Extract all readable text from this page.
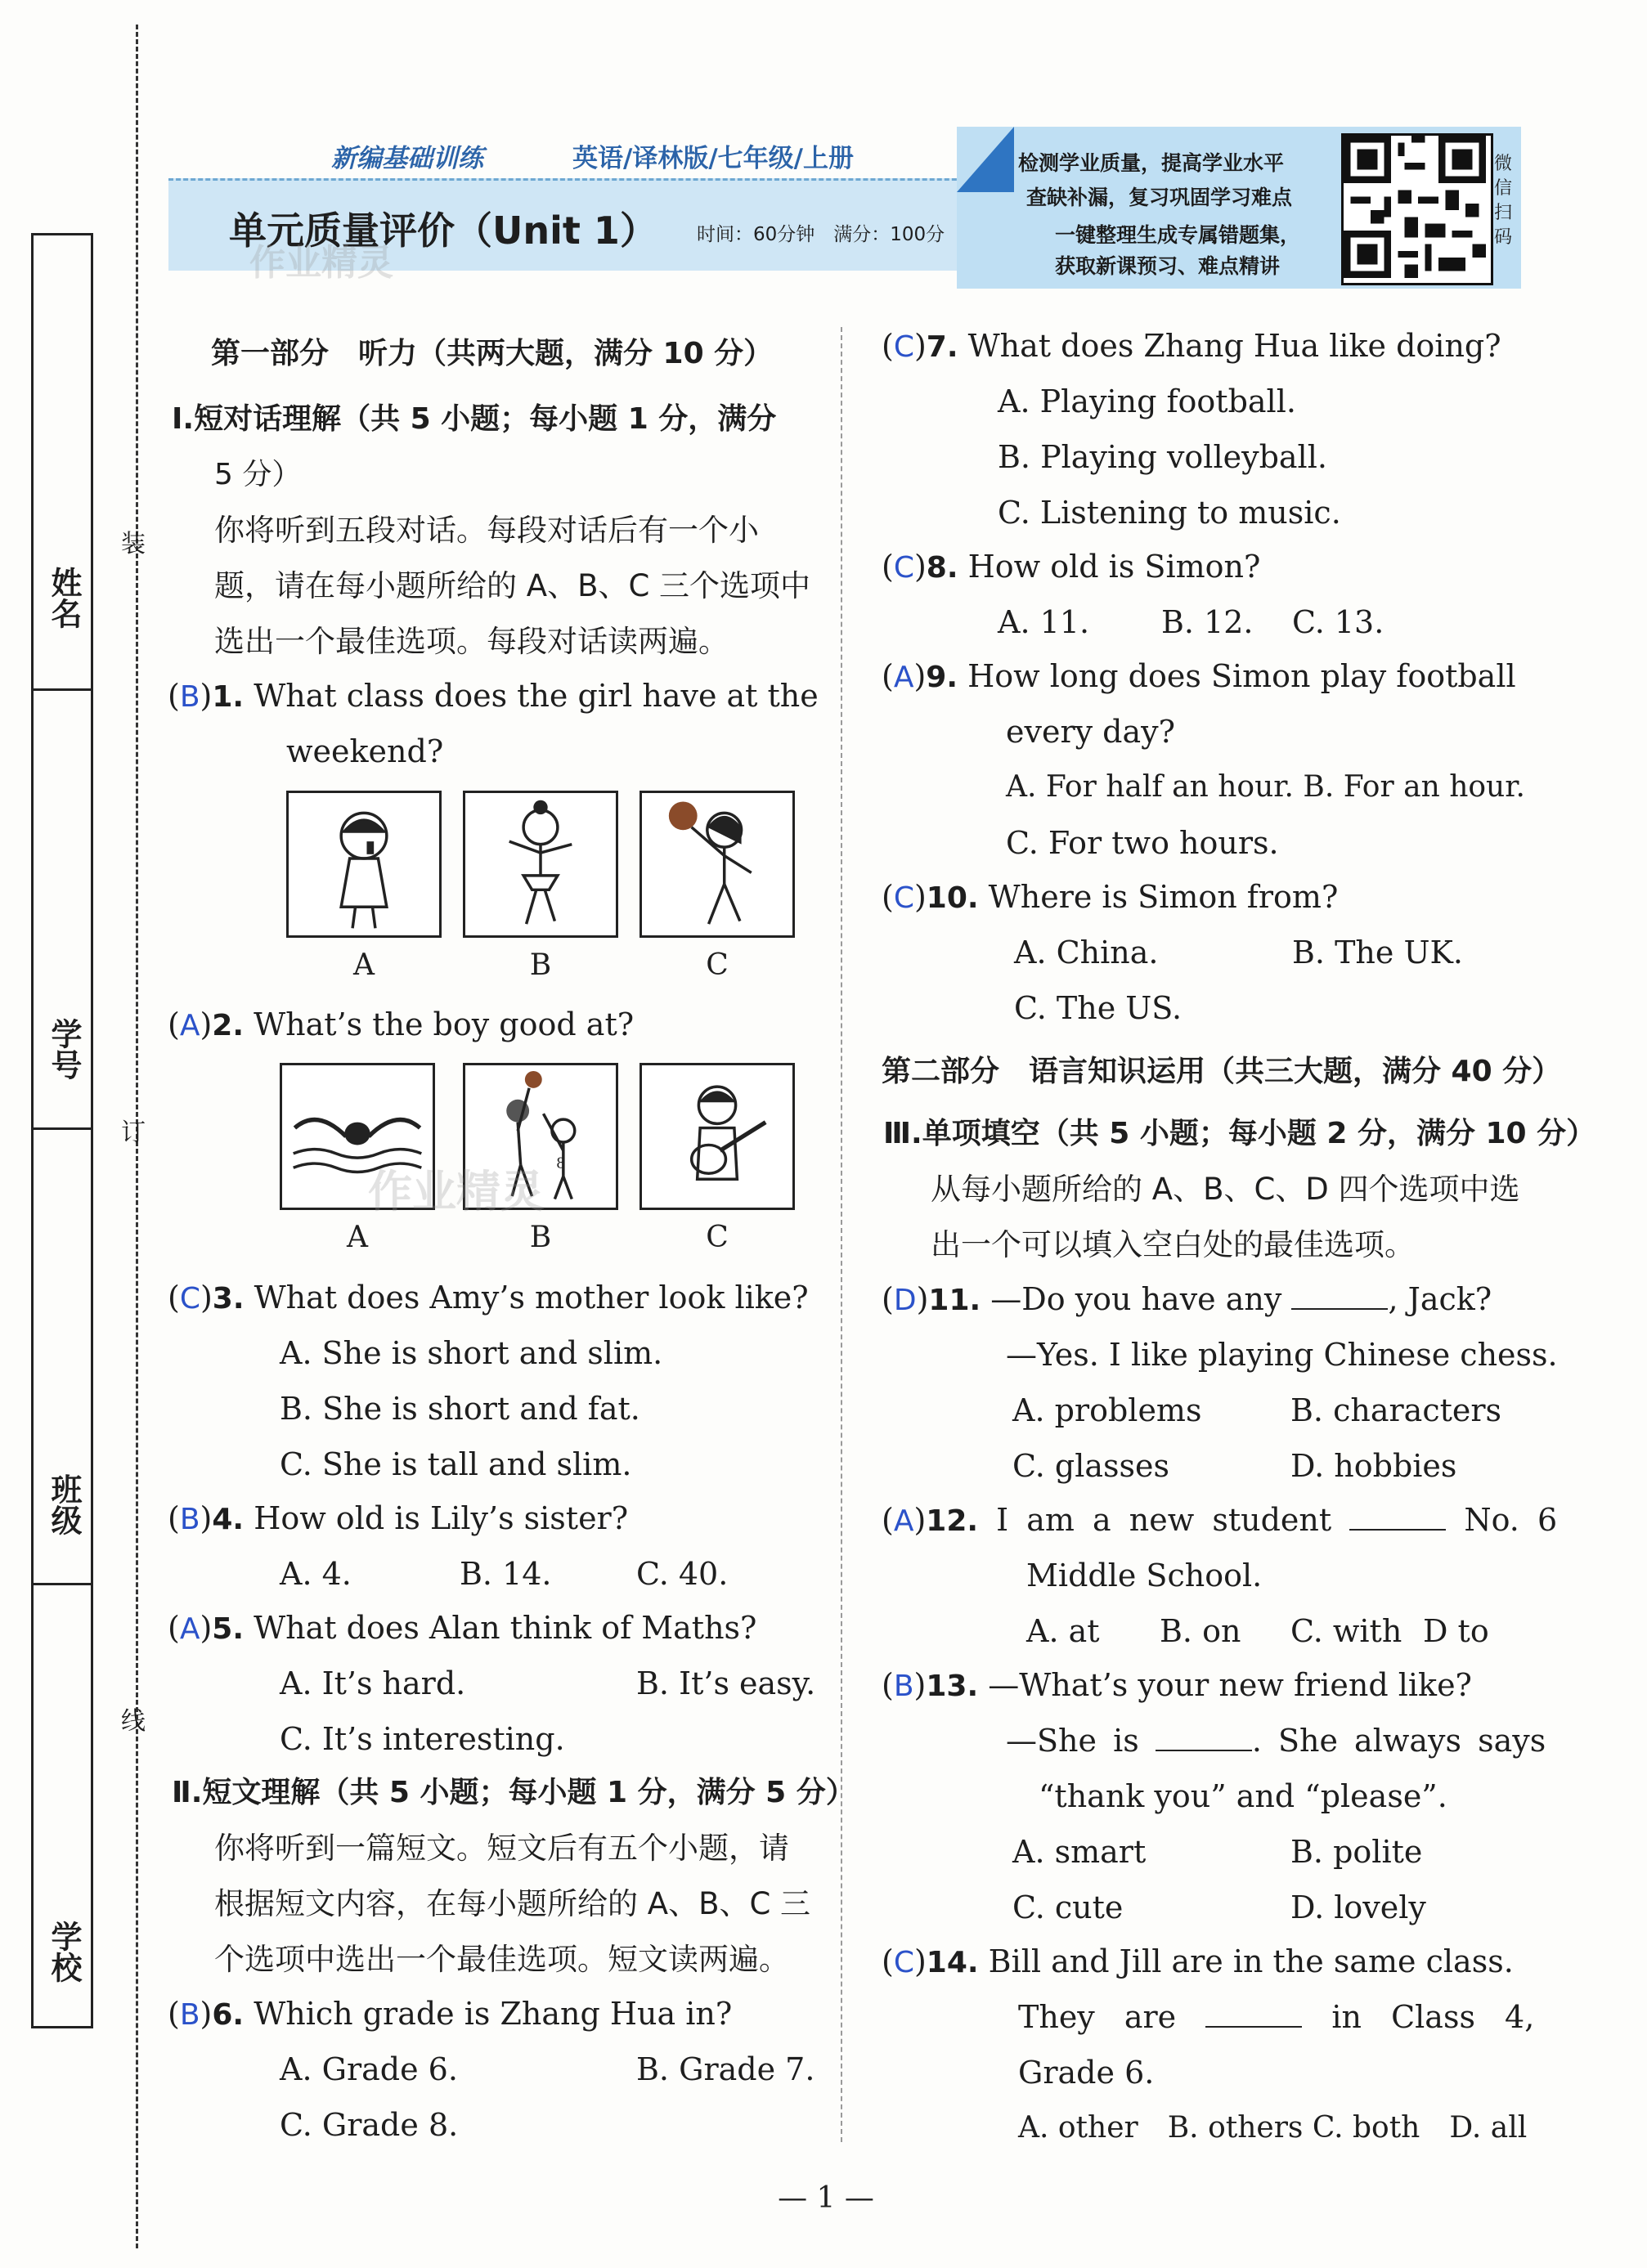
姓名
学号
班级
学校
装
订
线
新编基础训练	英语/译林版/七年级/上册
单元质量评价（Unit 1） 时间：60分钟　满分：100分
作业精灵
检测学业质量，提高学业水平
查缺补漏，复习巩固学习难点
一键整理生成专属错题集，
获取新课预习、难点精讲
微信扫码
第一部分　听力（共两大题，满分 10 分）
Ⅰ.短对话理解（共 5 小题；每小题 1 分，满分
5 分）
你将听到五段对话。每段对话后有一个小
题，请在每小题所给的 A、B、C 三个选项中
选出一个最佳选项。每段对话读两遍。
(B)1. What class does the girl have at the
weekend?
A	B	C
(A)2. What’s the boy good at?
8
A	B	C
作业精灵
(C)3. What does Amy’s mother look like?
A. She is short and slim.
B. She is short and fat.
C. She is tall and slim.
(B)4. How old is Lily’s sister?
A. 4.	B. 14.	C. 40.
(A)5. What does Alan think of Maths?
A. It’s hard.	B. It’s easy.
C. It’s interesting.
Ⅱ.短文理解（共 5 小题；每小题 1 分，满分 5 分）
你将听到一篇短文。短文后有五个小题，请
根据短文内容，在每小题所给的 A、B、C 三
个选项中选出一个最佳选项。短文读两遍。
(B)6. Which grade is Zhang Hua in?
A. Grade 6.	B. Grade 7.
C. Grade 8.
(C)7. What does Zhang Hua like doing?
A. Playing football.
B. Playing volleyball.
C. Listening to music.
(C)8. How old is Simon?
A. 11. B. 12. C. 13.
(A)9. How long does Simon play football
every day?
A. For half an hour. B. For an hour.
C. For two hours.
(C)10. Where is Simon from?
A. China.	B. The UK.
C. The US.
第二部分　语言知识运用（共三大题，满分 40 分）
Ⅲ.单项填空（共 5 小题；每小题 2 分，满分 10 分）
从每小题所给的 A、B、C、D 四个选项中选
出一个可以填入空白处的最佳选项。
(D)11. —Do you have any	, Jack?
—Yes. I like playing Chinese chess.
A. problems	B. characters
C. glasses	D. hobbies
(A)12. I am a new student	No. 6
Middle School.
A. at B. on C. with D to
(B)13. —What’s your new friend like?
—She is	. She always says
“thank you” and “please”.
A. smart	B. polite
C. cute	D. lovely
(C)14. Bill and Jill are in the same class.
They are	in Class 4,
Grade 6.
A. other　B. others C. both　D. all
— 1 —
